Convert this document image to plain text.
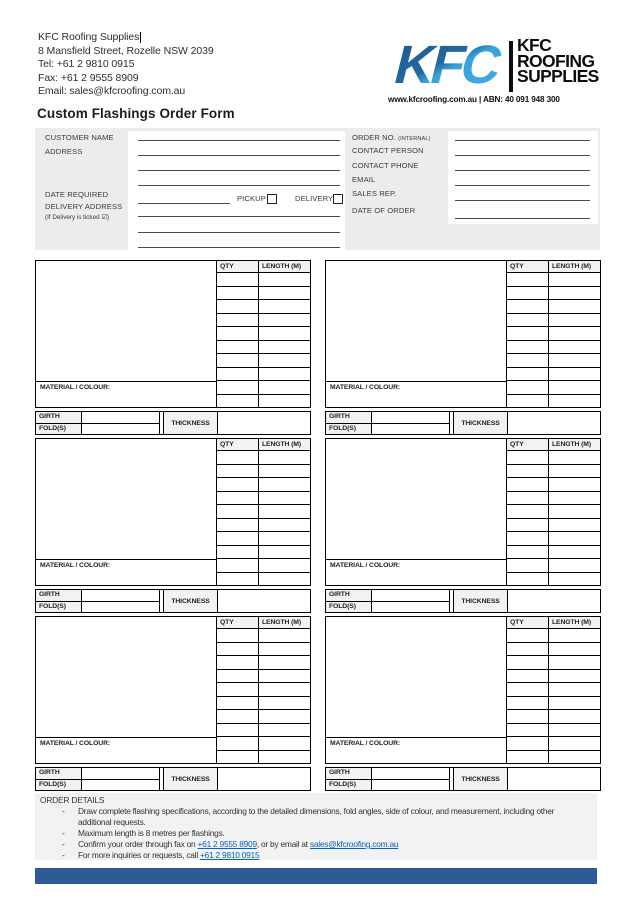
KFC Roofing Supplies
8 Mansfield Street, Rozelle NSW 2039
Tel: +61 2 9810 0915
Fax: +61 2 9555 8909
Email: sales@kfcroofing.com.au	KFC KFC
ROOFING
SUPPLIES
www.kfcroofing.com.au | ABN: 40 091 948 300
Custom Flashings Order Form
CUSTOMER NAME
ADDRESS
DATE REQUIRED
DELIVERY ADDRESS
(If Delivery is ticked ☑)
PICKUP	DELIVERY
ORDER NO. (INTERNAL)
CONTACT PERSON
CONTACT PHONE
EMAIL
SALES REP.
DATE OF ORDER
MATERIAL / COLOUR:
QTY	LENGTH (M)

GIRTH
FOLD(S)
THICKNESS
MATERIAL / COLOUR:
QTY	LENGTH (M)

GIRTH
FOLD(S)
THICKNESS
MATERIAL / COLOUR:
QTY	LENGTH (M)

GIRTH
FOLD(S)
THICKNESS
MATERIAL / COLOUR:
QTY	LENGTH (M)

GIRTH
FOLD(S)
THICKNESS
MATERIAL / COLOUR:
QTY	LENGTH (M)

GIRTH
FOLD(S)
THICKNESS
MATERIAL / COLOUR:
QTY	LENGTH (M)

GIRTH
FOLD(S)
THICKNESS
ORDER DETAILS
- Draw complete flashing specifications, according to the detailed dimensions, fold angles, side of colour, and measurement, including other additional requests.
- Maximum length is 8 metres per flashings.
- Confirm your order through fax on +61 2 9555 8909, or by email at sales@kfcroofing.com.au
- For more inquiries or requests, call +61 2 9810 0915
